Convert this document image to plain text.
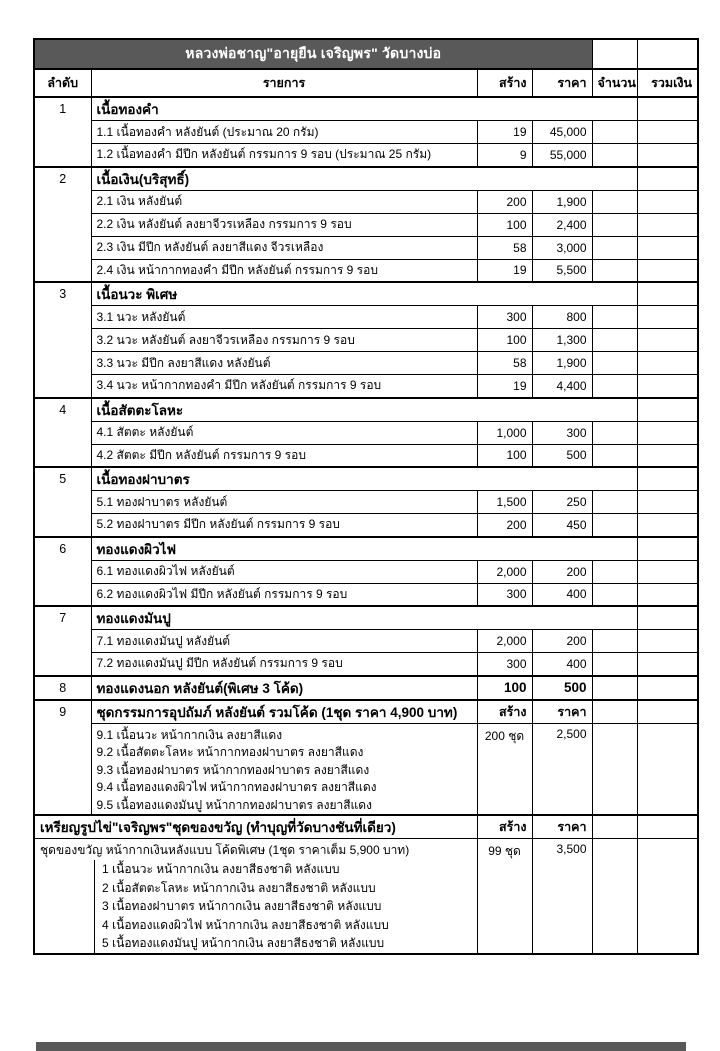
หลวงพ่อชาญ"อายุยืน เจริญพร" วัดบางบ่อ					
ลำดับ	รายการ	สร้าง	ราคา	จำนวน	รวมเงิน
1	เนื้อทองคำ				
	1.1 เนื้อทองคำ หลังยันต์ (ประมาณ 20 กรัม)	19	45,000		
	1.2 เนื้อทองคำ มีปีก หลังยันต์ กรรมการ 9 รอบ (ประมาณ 25 กรัม)	9	55,000		
2	เนื้อเงิน(บริสุทธิ์)				
	2.1 เงิน หลังยันต์	200	1,900		
	2.2 เงิน หลังยันต์ ลงยาจีวรเหลือง กรรมการ 9 รอบ	100	2,400		
	2.3 เงิน มีปีก หลังยันต์ ลงยาสีแดง จีวรเหลือง	58	3,000		
	2.4 เงิน หน้ากากทองคำ มีปีก หลังยันต์ กรรมการ 9 รอบ	19	5,500		
3	เนื้อนวะ พิเศษ				
	3.1 นวะ หลังยันต์	300	800		
	3.2 นวะ หลังยันต์ ลงยาจีวรเหลือง กรรมการ 9 รอบ	100	1,300		
	3.3 นวะ มีปีก ลงยาสีแดง หลังยันต์	58	1,900		
	3.4 นวะ หน้ากากทองคำ มีปีก หลังยันต์ กรรมการ 9 รอบ	19	4,400		
4	เนื้อสัตตะโลหะ				
	4.1 สัตตะ หลังยันต์	1,000	300		
	4.2 สัตตะ มีปีก หลังยันต์ กรรมการ 9 รอบ	100	500		
5	เนื้อทองฝาบาตร				
	5.1 ทองฝาบาตร หลังยันต์	1,500	250		
	5.2 ทองฝาบาตร มีปีก หลังยันต์ กรรมการ 9 รอบ	200	450		
6	ทองแดงผิวไฟ				
	6.1 ทองแดงผิวไฟ หลังยันต์	2,000	200		
	6.2 ทองแดงผิวไฟ มีปีก หลังยันต์ กรรมการ 9 รอบ	300	400		
7	ทองแดงมันปู				
	7.1 ทองแดงมันปู หลังยันต์	2,000	200		
	7.2 ทองแดงมันปู มีปีก หลังยันต์ กรรมการ 9 รอบ	300	400		
8	ทองแดงนอก หลังยันต์(พิเศษ 3 โค้ด)	100	500		
9	ชุดกรรมการอุปถัมภ์ หลังยันต์ รวมโค้ด (1ชุด ราคา 4,900 บาท)	สร้าง	ราคา		

	9.1 เนื้อนวะ หน้ากากเงิน ลงยาสีแดง
9.2 เนื้อสัตตะโลหะ หน้ากากทองฝาบาตร ลงยาสีแดง
9.3 เนื้อทองฝาบาตร หน้ากากทองฝาบาตร ลงยาสีแดง
9.4 เนื้อทองแดงผิวไฟ หน้ากากทองฝาบาตร ลงยาสีแดง
9.5 เนื้อทองแดงมันปู หน้ากากทองฝาบาตร ลงยาสีแดง	200 ชุด	2,500		
เหรียญรูปไข่"เจริญพร"ชุดของขวัญ (ทำบุญที่วัดบางชันที่เดียว)		สร้าง	ราคา		

ชุดของขวัญ หน้ากากเงินหลังแบบ โค้ดพิเศษ (1ชุด ราคาเต็ม 5,900 บาท)
1 เนื้อนวะ หน้ากากเงิน ลงยาสีธงชาติ หลังแบบ
2 เนื้อสัตตะโลหะ หน้ากากเงิน ลงยาสีธงชาติ หลังแบบ
3 เนื้อทองฝาบาตร หน้ากากเงิน ลงยาสีธงชาติ หลังแบบ
4 เนื้อทองแดงผิวไฟ หน้ากากเงิน ลงยาสีธงชาติ หลังแบบ
5 เนื้อทองแดงมันปู หน้ากากเงิน ลงยาสีธงชาติ หลังแบบ
	99 ชุด	3,500		
